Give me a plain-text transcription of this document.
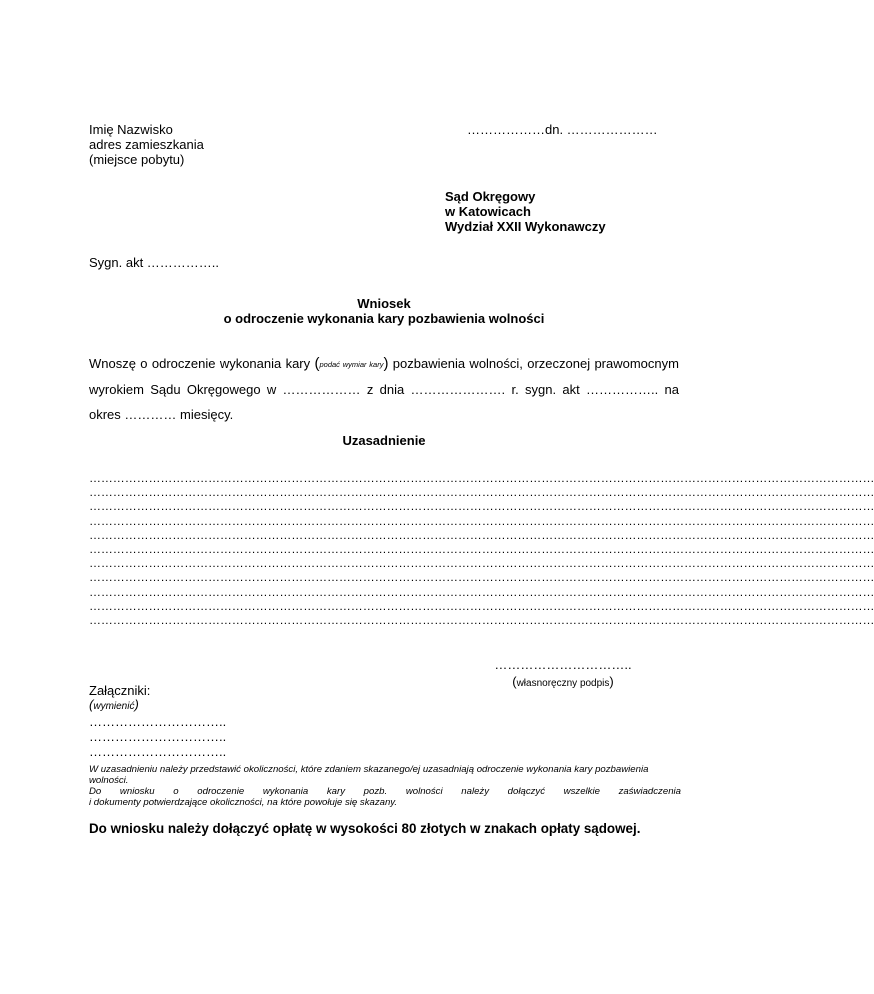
Imię Nazwisko
adres zamieszkania
(miejsce pobytu)
………………dn. …………………
Sąd Okręgowy
w Katowicach
Wydział XXII Wykonawczy
Sygn. akt ……………..
Wniosek
o odroczenie wykonania kary pozbawienia wolności
Wnoszę o odroczenie wykonania kary (podać wymiar kary) pozbawienia wolności, orzeczonej prawomocnym wyrokiem Sądu Okręgowego w ……………… z dnia …………………. r. sygn. akt …………….. na okres ………… miesięcy.
Uzasadnienie
………………………………………………………………………………………………………………………………………………………………………………
………………………………………………………………………………………………………………………………………………………………………………
………………………………………………………………………………………………………………………………………………………………………………
………………………………………………………………………………………………………………………………………………………………………………
………………………………………………………………………………………………………………………………………………………………………………
………………………………………………………………………………………………………………………………………………………………………………
………………………………………………………………………………………………………………………………………………………………………………
………………………………………………………………………………………………………………………………………………………………………………
………………………………………………………………………………………………………………………………………………………………………………
………………………………………………………………………………………………………………………………………………………………………………
………………………………………………………………………………………………………………………………………………………………………………
…………………………..
(własnoręczny podpis)
Załączniki:
(wymienić)
…………………………..
…………………………..
…………………………..
W uzasadnieniu należy przedstawić okoliczności, które zdaniem skazanego/ej uzasadniają odroczenie wykonania kary pozbawienia
wolności.
Do wniosku o odroczenie wykonania kary pozb. wolności należy dołączyć wszelkie zaświadczenia
i dokumenty potwierdzające okoliczności, na które powołuje się skazany.
Do wniosku należy dołączyć opłatę w wysokości 80 złotych w znakach opłaty sądowej.
